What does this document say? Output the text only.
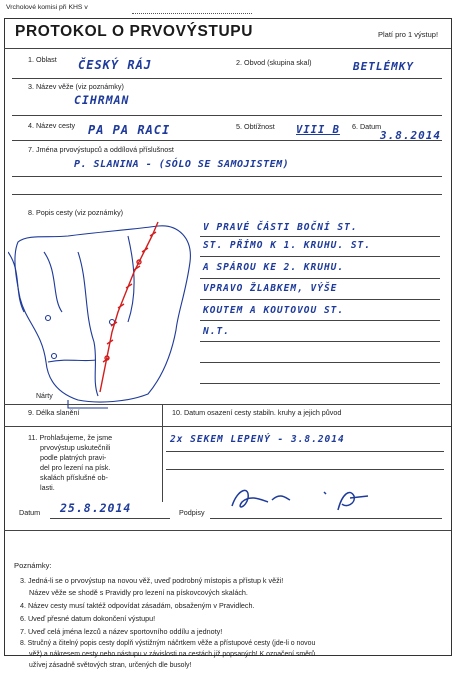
Vrcholové komisi při KHS v
PROTOKOL O PRVOVÝSTUPU	Platí pro 1 výstup!
1. Oblast ČESKÝ RÁJ	2. Obvod (skupina skal)	BETLÉMKY
3. Název věže (viz poznámky)
CIHRMAN
4. Název cesty PA PA RACI	5. Obtížnost VIII B 6. Datum
3.8.2014
7. Jména prvovýstupců a oddílová příslušnost
P. SLANINA - (SÓLO SE SAMOJISTEM)
8. Popis cesty (viz poznámky)
Nárty
V PRAVÉ ČÁSTI BOČNÍ ST.
ST. PŘÍMO K 1. KRUHU. ST.
A SPÁROU KE 2. KRUHU.
VPRAVO ŽLABKEM, VÝŠE
KOUTEM A KOUTOVOU ST.
N.T.
9. Délka slanění	10. Datum osazení cesty stabiln. kruhy a jejich původ
2x SEKEM LEPENÝ - 3.8.2014
11. Prohlašujeme, že jsme
prvovýstup uskutečnili
podle platných pravi-
del pro lezení na písk.
skalách příslušné ob-
lasti.
Datum 25.8.2014	Podpisy
Poznámky:
3. Jedná-li se o prvovýstup na novou věž, uveď podrobný místopis a přístup k věži!
Název věže se shodě s Pravidly pro lezení na pískovcových skalách.
4. Název cesty musí taktéž odpovídat zásadám, obsaženým v Pravidlech.
6. Uveď přesné datum dokončení výstupu!
7. Uveď celá jména lezců a název sportovního oddílu a jednoty!
8. Stručný a čitelný popis cesty doplň výstižným náčrtkem věže a přístupové cesty (jde-li o novou
věž) a nákresem cesty nebo nástupu v závislosti na cestách již popsaných! K označení směrů
užívej zásadně světových stran, určených dle busoly!
